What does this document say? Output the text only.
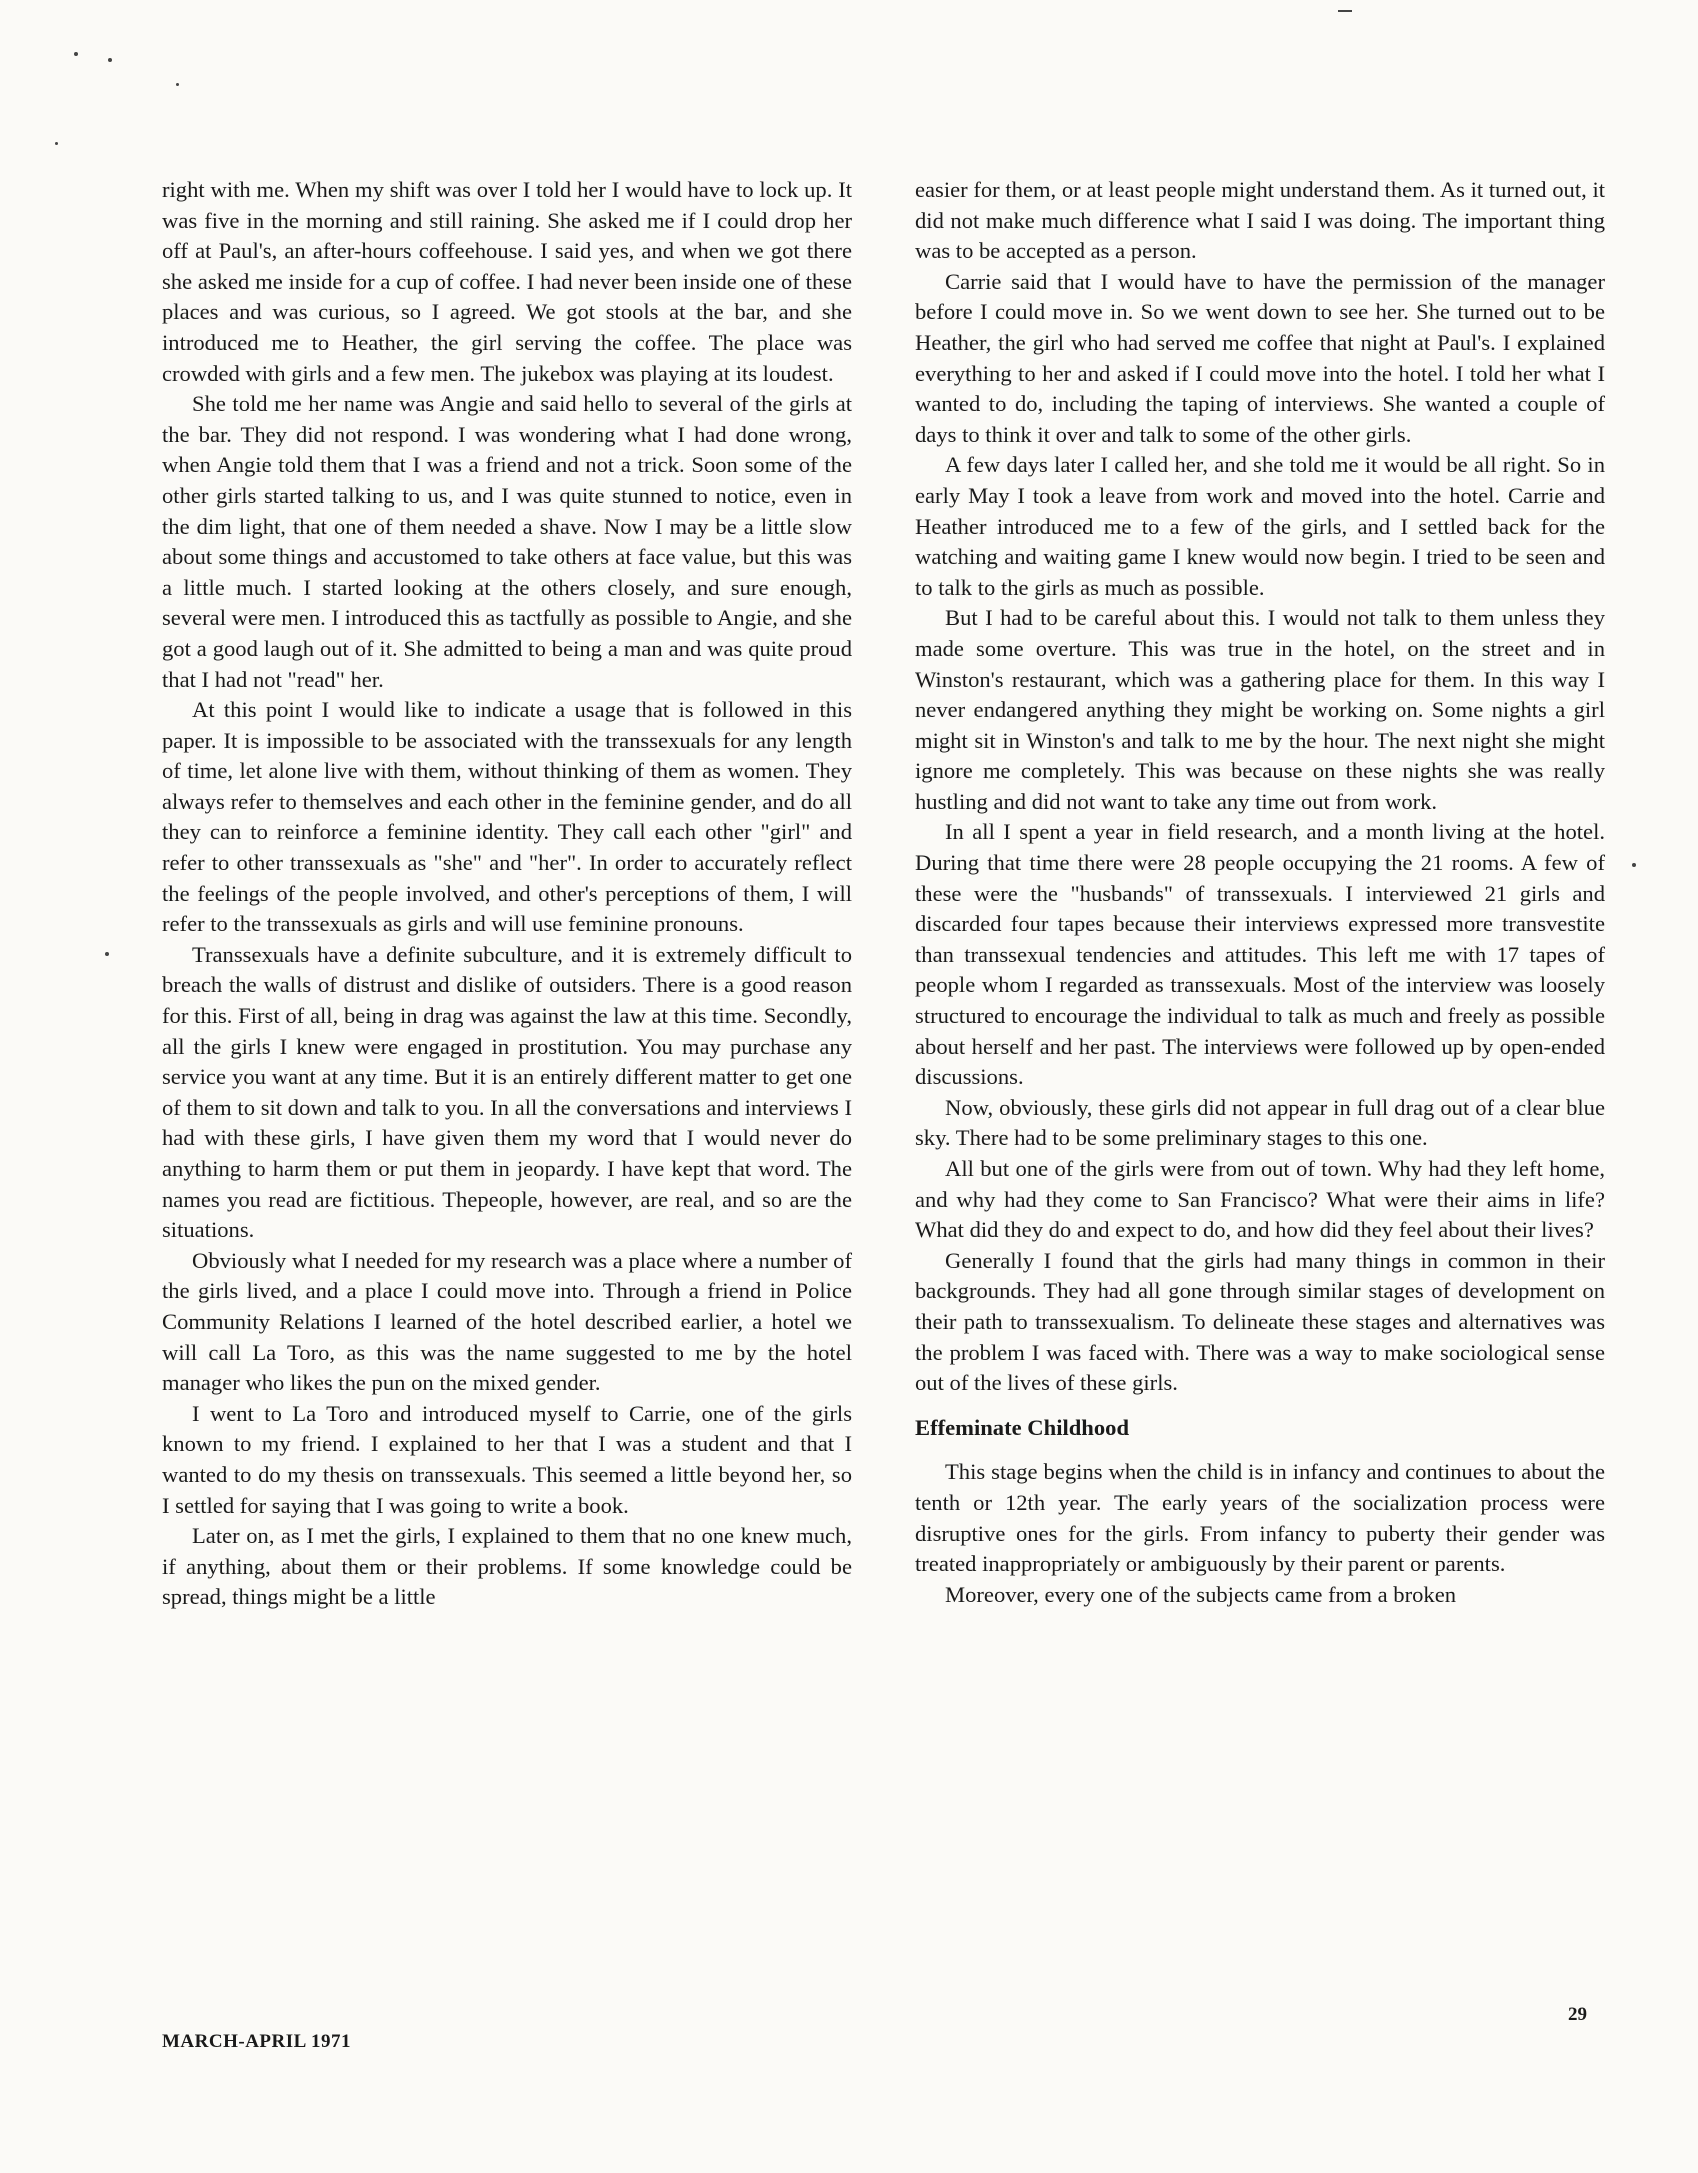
right with me. When my shift was over I told her I would have to lock up. It was five in the morning and still raining. She asked me if I could drop her off at Paul's, an after-hours coffeehouse. I said yes, and when we got there she asked me inside for a cup of coffee. I had never been inside one of these places and was curious, so I agreed. We got stools at the bar, and she introduced me to Heather, the girl serving the coffee. The place was crowded with girls and a few men. The jukebox was playing at its loudest.

She told me her name was Angie and said hello to several of the girls at the bar. They did not respond. I was wondering what I had done wrong, when Angie told them that I was a friend and not a trick. Soon some of the other girls started talking to us, and I was quite stunned to notice, even in the dim light, that one of them needed a shave. Now I may be a little slow about some things and accustomed to take others at face value, but this was a little much. I started looking at the others closely, and sure enough, several were men. I introduced this as tactfully as possible to Angie, and she got a good laugh out of it. She admitted to being a man and was quite proud that I had not "read" her.

At this point I would like to indicate a usage that is followed in this paper. It is impossible to be associated with the transsexuals for any length of time, let alone live with them, without thinking of them as women. They always refer to themselves and each other in the feminine gender, and do all they can to reinforce a feminine identity. They call each other "girl" and refer to other transsexuals as "she" and "her". In order to accurately reflect the feelings of the people involved, and other's perceptions of them, I will refer to the transsexuals as girls and will use feminine pronouns.

Transsexuals have a definite subculture, and it is extremely difficult to breach the walls of distrust and dislike of outsiders. There is a good reason for this. First of all, being in drag was against the law at this time. Secondly, all the girls I knew were engaged in prostitution. You may purchase any service you want at any time. But it is an entirely different matter to get one of them to sit down and talk to you. In all the conversations and interviews I had with these girls, I have given them my word that I would never do anything to harm them or put them in jeopardy. I have kept that word. The names you read are fictitious. Thepeople, however, are real, and so are the situations.

Obviously what I needed for my research was a place where a number of the girls lived, and a place I could move into. Through a friend in Police Community Relations I learned of the hotel described earlier, a hotel we will call La Toro, as this was the name suggested to me by the hotel manager who likes the pun on the mixed gender.

I went to La Toro and introduced myself to Carrie, one of the girls known to my friend. I explained to her that I was a student and that I wanted to do my thesis on transsexuals. This seemed a little beyond her, so I settled for saying that I was going to write a book.

Later on, as I met the girls, I explained to them that no one knew much, if anything, about them or their problems. If some knowledge could be spread, things might be a little

easier for them, or at least people might understand them. As it turned out, it did not make much difference what I said I was doing. The important thing was to be accepted as a person.

Carrie said that I would have to have the permission of the manager before I could move in. So we went down to see her. She turned out to be Heather, the girl who had served me coffee that night at Paul's. I explained everything to her and asked if I could move into the hotel. I told her what I wanted to do, including the taping of interviews. She wanted a couple of days to think it over and talk to some of the other girls.

A few days later I called her, and she told me it would be all right. So in early May I took a leave from work and moved into the hotel. Carrie and Heather introduced me to a few of the girls, and I settled back for the watching and waiting game I knew would now begin. I tried to be seen and to talk to the girls as much as possible.

But I had to be careful about this. I would not talk to them unless they made some overture. This was true in the hotel, on the street and in Winston's restaurant, which was a gathering place for them. In this way I never endangered anything they might be working on. Some nights a girl might sit in Winston's and talk to me by the hour. The next night she might ignore me completely. This was because on these nights she was really hustling and did not want to take any time out from work.

In all I spent a year in field research, and a month living at the hotel. During that time there were 28 people occupying the 21 rooms. A few of these were the "husbands" of transsexuals. I interviewed 21 girls and discarded four tapes because their interviews expressed more transvestite than transsexual tendencies and attitudes. This left me with 17 tapes of people whom I regarded as transsexuals. Most of the interview was loosely structured to encourage the individual to talk as much and freely as possible about herself and her past. The interviews were followed up by open-ended discussions.

Now, obviously, these girls did not appear in full drag out of a clear blue sky. There had to be some preliminary stages to this one.

All but one of the girls were from out of town. Why had they left home, and why had they come to San Francisco? What were their aims in life? What did they do and expect to do, and how did they feel about their lives?

Generally I found that the girls had many things in common in their backgrounds. They had all gone through similar stages of development on their path to transsexualism. To delineate these stages and alternatives was the problem I was faced with. There was a way to make sociological sense out of the lives of these girls.

Effeminate Childhood

This stage begins when the child is in infancy and continues to about the tenth or 12th year. The early years of the socialization process were disruptive ones for the girls. From infancy to puberty their gender was treated inappropriately or ambiguously by their parent or parents.

Moreover, every one of the subjects came from a broken

MARCH-APRIL 1971
29
